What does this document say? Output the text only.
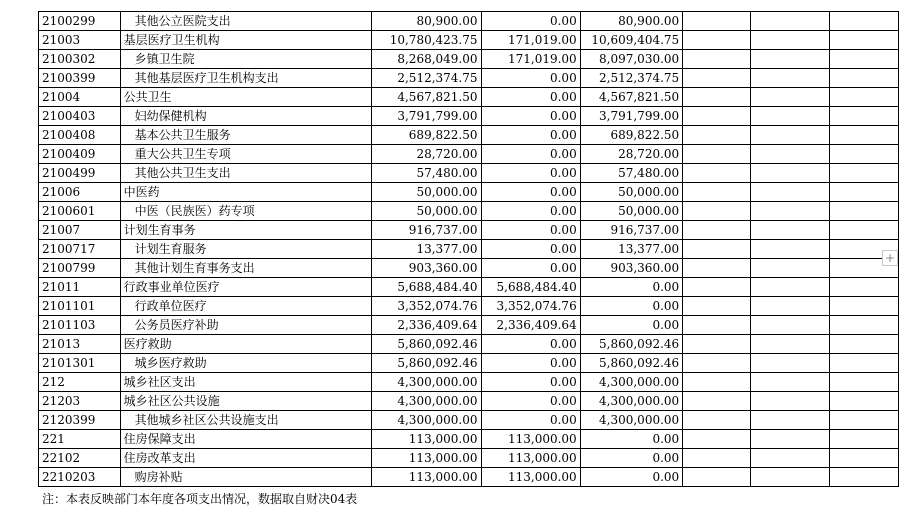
2100299	其他公立医院支出	80,900.00	0.00	80,900.00			
21003	基层医疗卫生机构	10,780,423.75	171,019.00	10,609,404.75			
2100302	乡镇卫生院	8,268,049.00	171,019.00	8,097,030.00			
2100399	其他基层医疗卫生机构支出	2,512,374.75	0.00	2,512,374.75			
21004	公共卫生	4,567,821.50	0.00	4,567,821.50			
2100403	妇幼保健机构	3,791,799.00	0.00	3,791,799.00			
2100408	基本公共卫生服务	689,822.50	0.00	689,822.50			
2100409	重大公共卫生专项	28,720.00	0.00	28,720.00			
2100499	其他公共卫生支出	57,480.00	0.00	57,480.00			
21006	中医药	50,000.00	0.00	50,000.00			
2100601	中医（民族医）药专项	50,000.00	0.00	50,000.00			
21007	计划生育事务	916,737.00	0.00	916,737.00			
2100717	计划生育服务	13,377.00	0.00	13,377.00			
2100799	其他计划生育事务支出	903,360.00	0.00	903,360.00			
21011	行政事业单位医疗	5,688,484.40	5,688,484.40	0.00			
2101101	行政单位医疗	3,352,074.76	3,352,074.76	0.00			
2101103	公务员医疗补助	2,336,409.64	2,336,409.64	0.00			
21013	医疗救助	5,860,092.46	0.00	5,860,092.46			
2101301	城乡医疗救助	5,860,092.46	0.00	5,860,092.46			
212	城乡社区支出	4,300,000.00	0.00	4,300,000.00			
21203	城乡社区公共设施	4,300,000.00	0.00	4,300,000.00			
2120399	其他城乡社区公共设施支出	4,300,000.00	0.00	4,300,000.00			
221	住房保障支出	113,000.00	113,000.00	0.00			
22102	住房改革支出	113,000.00	113,000.00	0.00			
2210203	购房补贴	113,000.00	113,000.00	0.00			
注：本表反映部门本年度各项支出情况，数据取自财决04表
+
